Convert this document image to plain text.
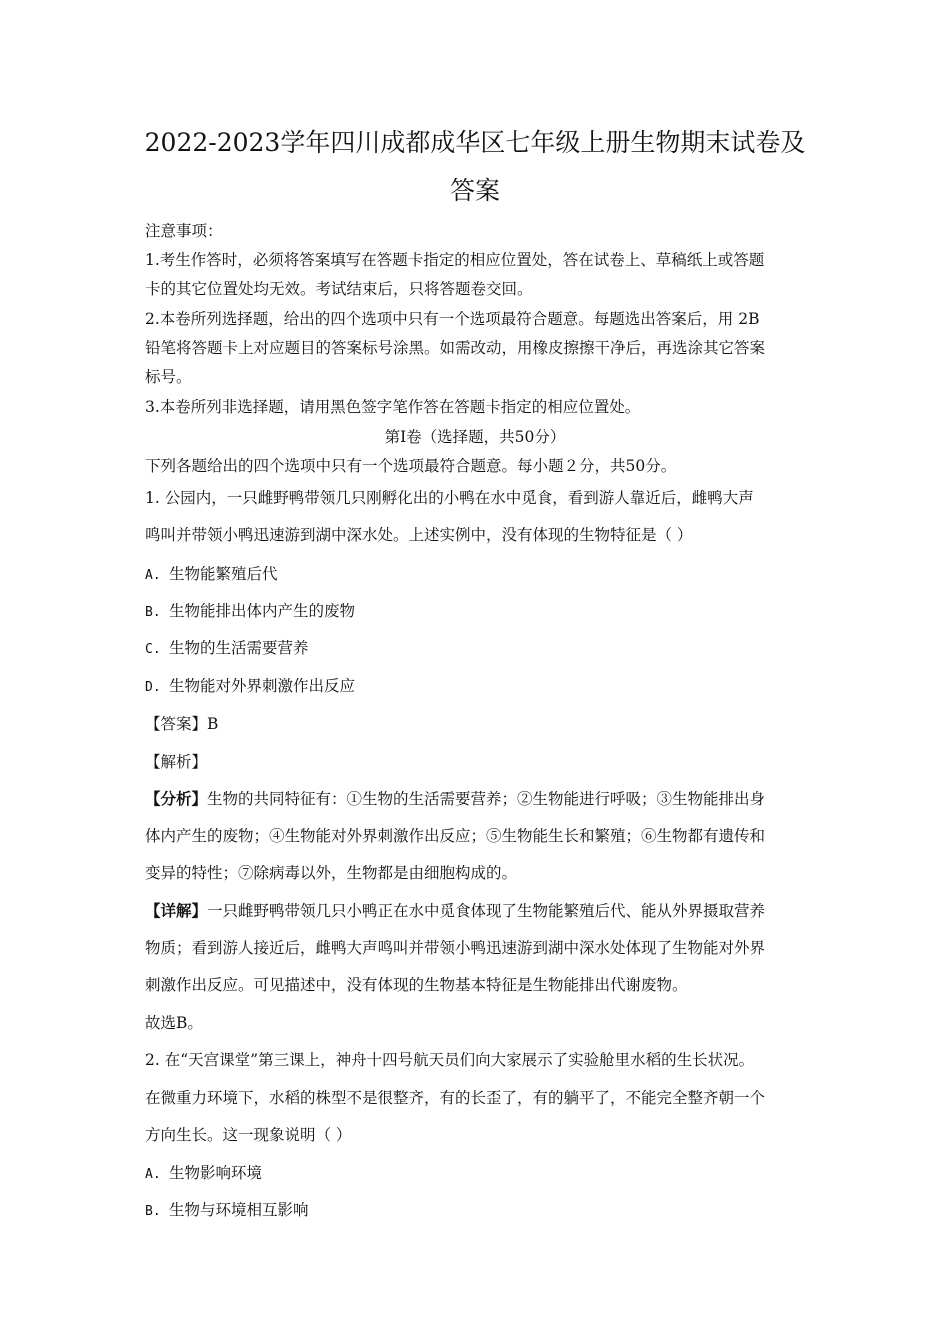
2022-2023学年四川成都成华区七年级上册生物期末试卷及
答案
注意事项：
1.考生作答时，必须将答案填写在答题卡指定的相应位置处，答在试卷上、草稿纸上或答题
卡的其它位置处均无效。考试结束后，只将答题卷交回。
2.本卷所列选择题，给出的四个选项中只有一个选项最符合题意。每题选出答案后，用 2B
铅笔将答题卡上对应题目的答案标号涂黑。如需改动，用橡皮擦擦干净后，再选涂其它答案
标号。
3.本卷所列非选择题，请用黑色签字笔作答在答题卡指定的相应位置处。
第Ⅰ卷（选择题，共50分）
下列各题给出的四个选项中只有一个选项最符合题意。每小题２分，共50分。
1. 公园内，一只雌野鸭带领几只刚孵化出的小鸭在水中觅食，看到游人靠近后，雌鸭大声
鸣叫并带领小鸭迅速游到湖中深水处。上述实例中，没有体现的生物特征是（ ）
A. 生物能繁殖后代
B. 生物能排出体内产生的废物
C. 生物的生活需要营养
D. 生物能对外界刺激作出反应
【答案】B
【解析】
【分析】生物的共同特征有：①生物的生活需要营养；②生物能进行呼吸；③生物能排出身
体内产生的废物；④生物能对外界刺激作出反应；⑤生物能生长和繁殖；⑥生物都有遗传和
变异的特性；⑦除病毒以外，生物都是由细胞构成的。
【详解】一只雌野鸭带领几只小鸭正在水中觅食体现了生物能繁殖后代、能从外界摄取营养
物质；看到游人接近后，雌鸭大声鸣叫并带领小鸭迅速游到湖中深水处体现了生物能对外界
刺激作出反应。可见描述中，没有体现的生物基本特征是生物能排出代谢废物。
故选B。
2. 在“天宫课堂”第三课上，神舟十四号航天员们向大家展示了实验舱里水稻的生长状况。
在微重力环境下，水稻的株型不是很整齐，有的长歪了，有的躺平了，不能完全整齐朝一个
方向生长。这一现象说明（ ）
A. 生物影响环境
B. 生物与环境相互影响
